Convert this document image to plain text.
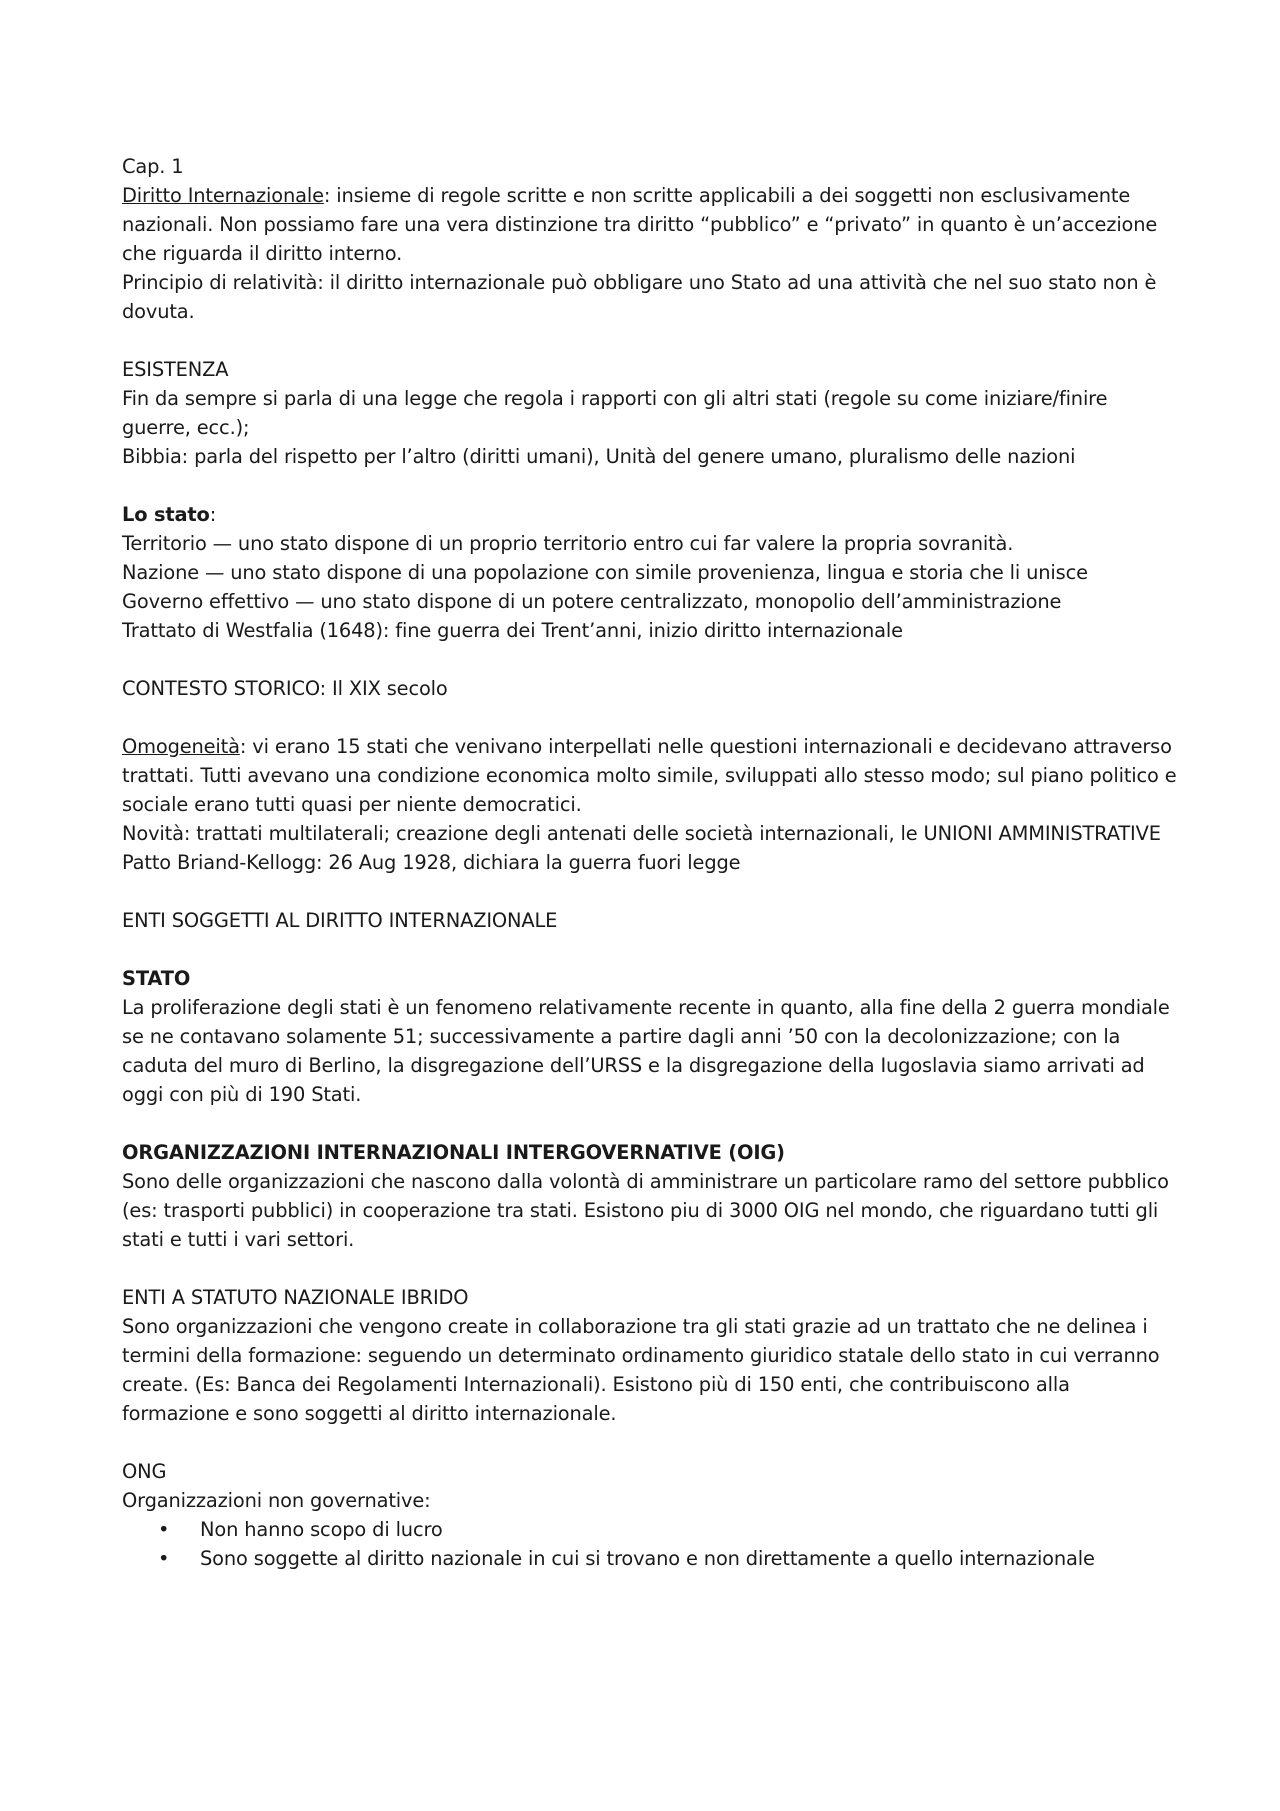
Cap. 1
Diritto Internazionale: insieme di regole scritte e non scritte applicabili a dei soggetti non esclusivamente nazionali. Non possiamo fare una vera distinzione tra diritto “pubblico” e “privato” in quanto è un’accezione che riguarda il diritto interno.
Principio di relatività: il diritto internazionale può obbligare uno Stato ad una attività che nel suo stato non è dovuta.
ESISTENZA
Fin da sempre si parla di una legge che regola i rapporti con gli altri stati (regole su come iniziare/finire guerre, ecc.);
Bibbia: parla del rispetto per l’altro (diritti umani), Unità del genere umano, pluralismo delle nazioni
Lo stato:
Territorio — uno stato dispone di un proprio territorio entro cui far valere la propria sovranità.
Nazione — uno stato dispone di una popolazione con simile provenienza, lingua e storia che li unisce
Governo effettivo — uno stato dispone di un potere centralizzato, monopolio dell’amministrazione
Trattato di Westfalia (1648): fine guerra dei Trent’anni, inizio diritto internazionale
CONTESTO STORICO: Il XIX secolo
Omogeneità: vi erano 15 stati che venivano interpellati nelle questioni internazionali e decidevano attraverso trattati. Tutti avevano una condizione economica molto simile, sviluppati allo stesso modo; sul piano politico e sociale erano tutti quasi per niente democratici.
Novità: trattati multilaterali; creazione degli antenati delle società internazionali, le UNIONI AMMINISTRATIVE
Patto Briand-Kellogg: 26 Aug 1928, dichiara la guerra fuori legge
ENTI SOGGETTI AL DIRITTO INTERNAZIONALE
STATO
La proliferazione degli stati è un fenomeno relativamente recente in quanto, alla fine della 2 guerra mondiale se ne contavano solamente 51; successivamente a partire dagli anni ’50 con la decolonizzazione; con la caduta del muro di Berlino, la disgregazione dell’URSS e la disgregazione della Iugoslavia siamo arrivati ad oggi con più di 190 Stati.
ORGANIZZAZIONI INTERNAZIONALI INTERGOVERNATIVE (OIG)
Sono delle organizzazioni che nascono dalla volontà di amministrare un particolare ramo del settore pubblico (es: trasporti pubblici) in cooperazione tra stati. Esistono piu di 3000 OIG nel mondo, che riguardano tutti gli stati e tutti i vari settori.
ENTI A STATUTO NAZIONALE IBRIDO
Sono organizzazioni che vengono create in collaborazione tra gli stati grazie ad un trattato che ne delinea i termini della formazione: seguendo un determinato ordinamento giuridico statale dello stato in cui verranno create. (Es: Banca dei Regolamenti Internazionali). Esistono più di 150 enti, che contribuiscono alla formazione e sono soggetti al diritto internazionale.
ONG
Organizzazioni non governative:
• Non hanno scopo di lucro
• Sono soggette al diritto nazionale in cui si trovano e non direttamente a quello internazionale
